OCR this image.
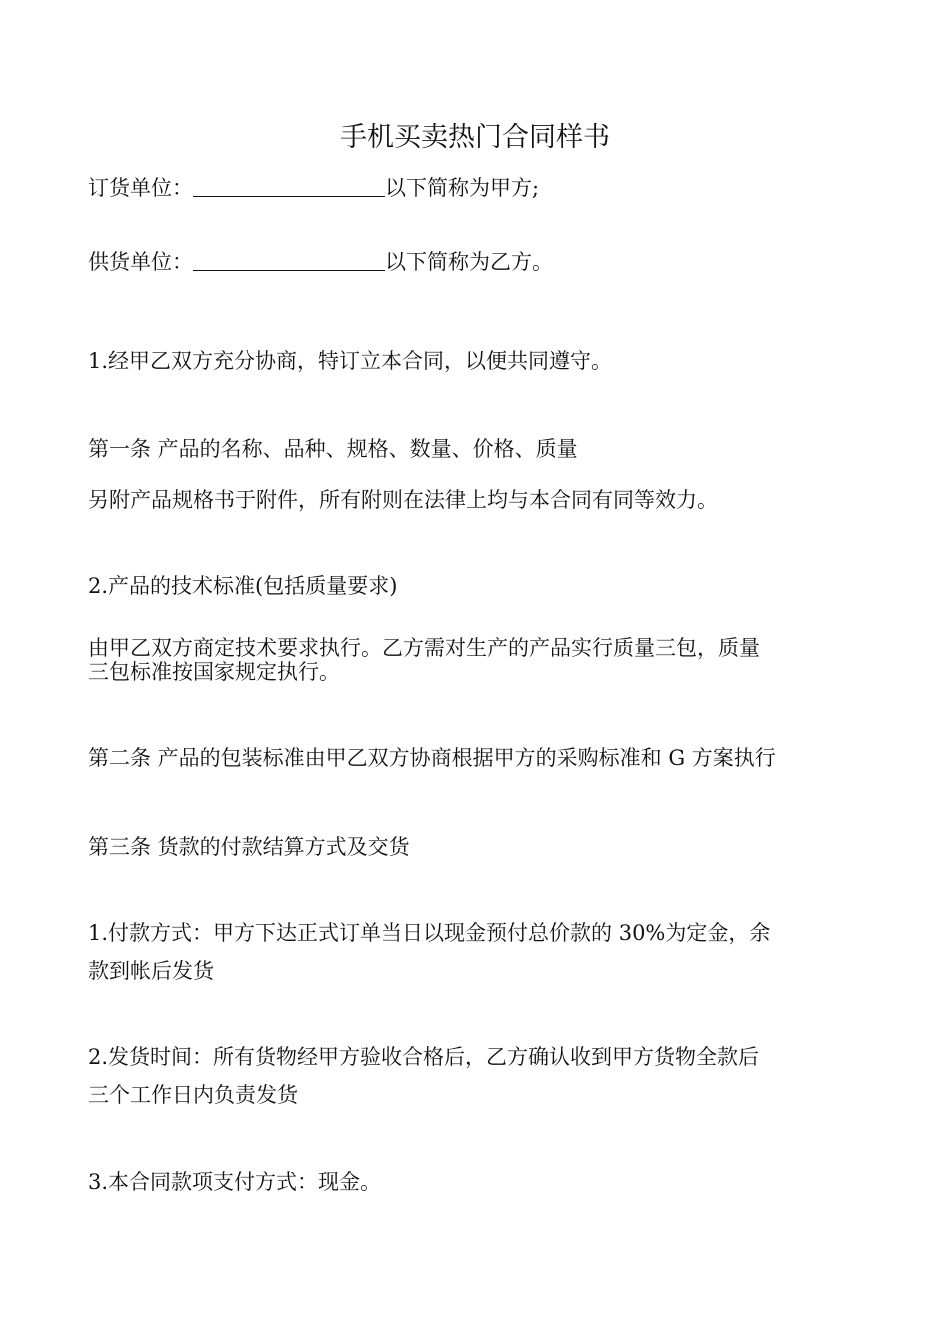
手机买卖热门合同样书
订货单位：	以下简称为甲方;
供货单位：	以下简称为乙方。
1.经甲乙双方充分协商，特订立本合同，以便共同遵守。
第一条 产品的名称、品种、规格、数量、价格、质量
另附产品规格书于附件，所有附则在法律上均与本合同有同等效力。
2.产品的技术标准(包括质量要求)
由甲乙双方商定技术要求执行。乙方需对生产的产品实行质量三包，质量
三包标准按国家规定执行。
第二条 产品的包装标准由甲乙双方协商根据甲方的采购标准和 G 方案执行
第三条 货款的付款结算方式及交货
1.付款方式：甲方下达正式订单当日以现金预付总价款的 30%为定金，余
款到帐后发货
2.发货时间：所有货物经甲方验收合格后，乙方确认收到甲方货物全款后
三个工作日内负责发货
3.本合同款项支付方式：现金。
